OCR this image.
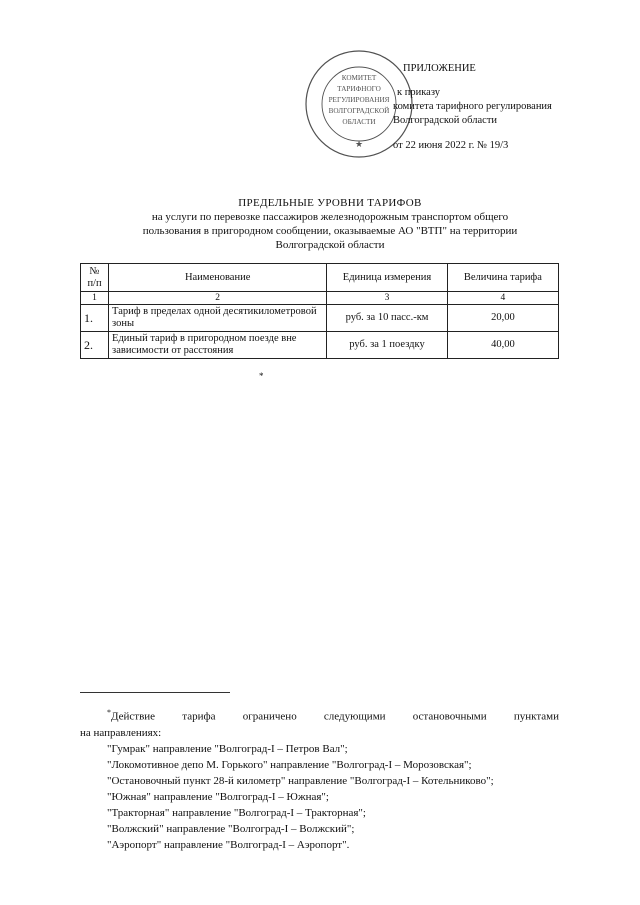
КОМИТЕТ
ТАРИФНОГО
РЕГУЛИРОВАНИЯ
ВОЛГОГРАДСКОЙ
ОБЛАСТИ
★
ПРИЛОЖЕНИЕ
к приказу
комитета тарифного регулирования
Волгоградской области
от 22 июня 2022 г. № 19/3
ПРЕДЕЛЬНЫЕ УРОВНИ ТАРИФОВ
на услуги по перевозке пассажиров железнодорожным транспортом общего
пользования в пригородном сообщении, оказываемые АО "ВТП" на территории
Волгоградской области
№ п/п	Наименование	Единица измерения	Величина тарифа
1	2	3	4
1.	Тариф в пределах одной десятикилометровой зоны	руб. за 10 пасс.-км	20,00
2.	Единый тариф в пригородном поезде вне зависимости от расстояния	руб. за 1 поездку	40,00
*
*Действие тарифа ограничено следующими остановочными пунктами
на направлениях:
"Гумрак" направление "Волгоград-I – Петров Вал";
"Локомотивное депо М. Горького" направление "Волгоград-I – Морозовская";
"Остановочный пункт 28-й километр" направление "Волгоград-I – Котельниково";
"Южная" направление "Волгоград-I – Южная";
"Тракторная" направление "Волгоград-I – Тракторная";
"Волжский" направление "Волгоград-I – Волжский";
"Аэропорт" направление "Волгоград-I – Аэропорт".
